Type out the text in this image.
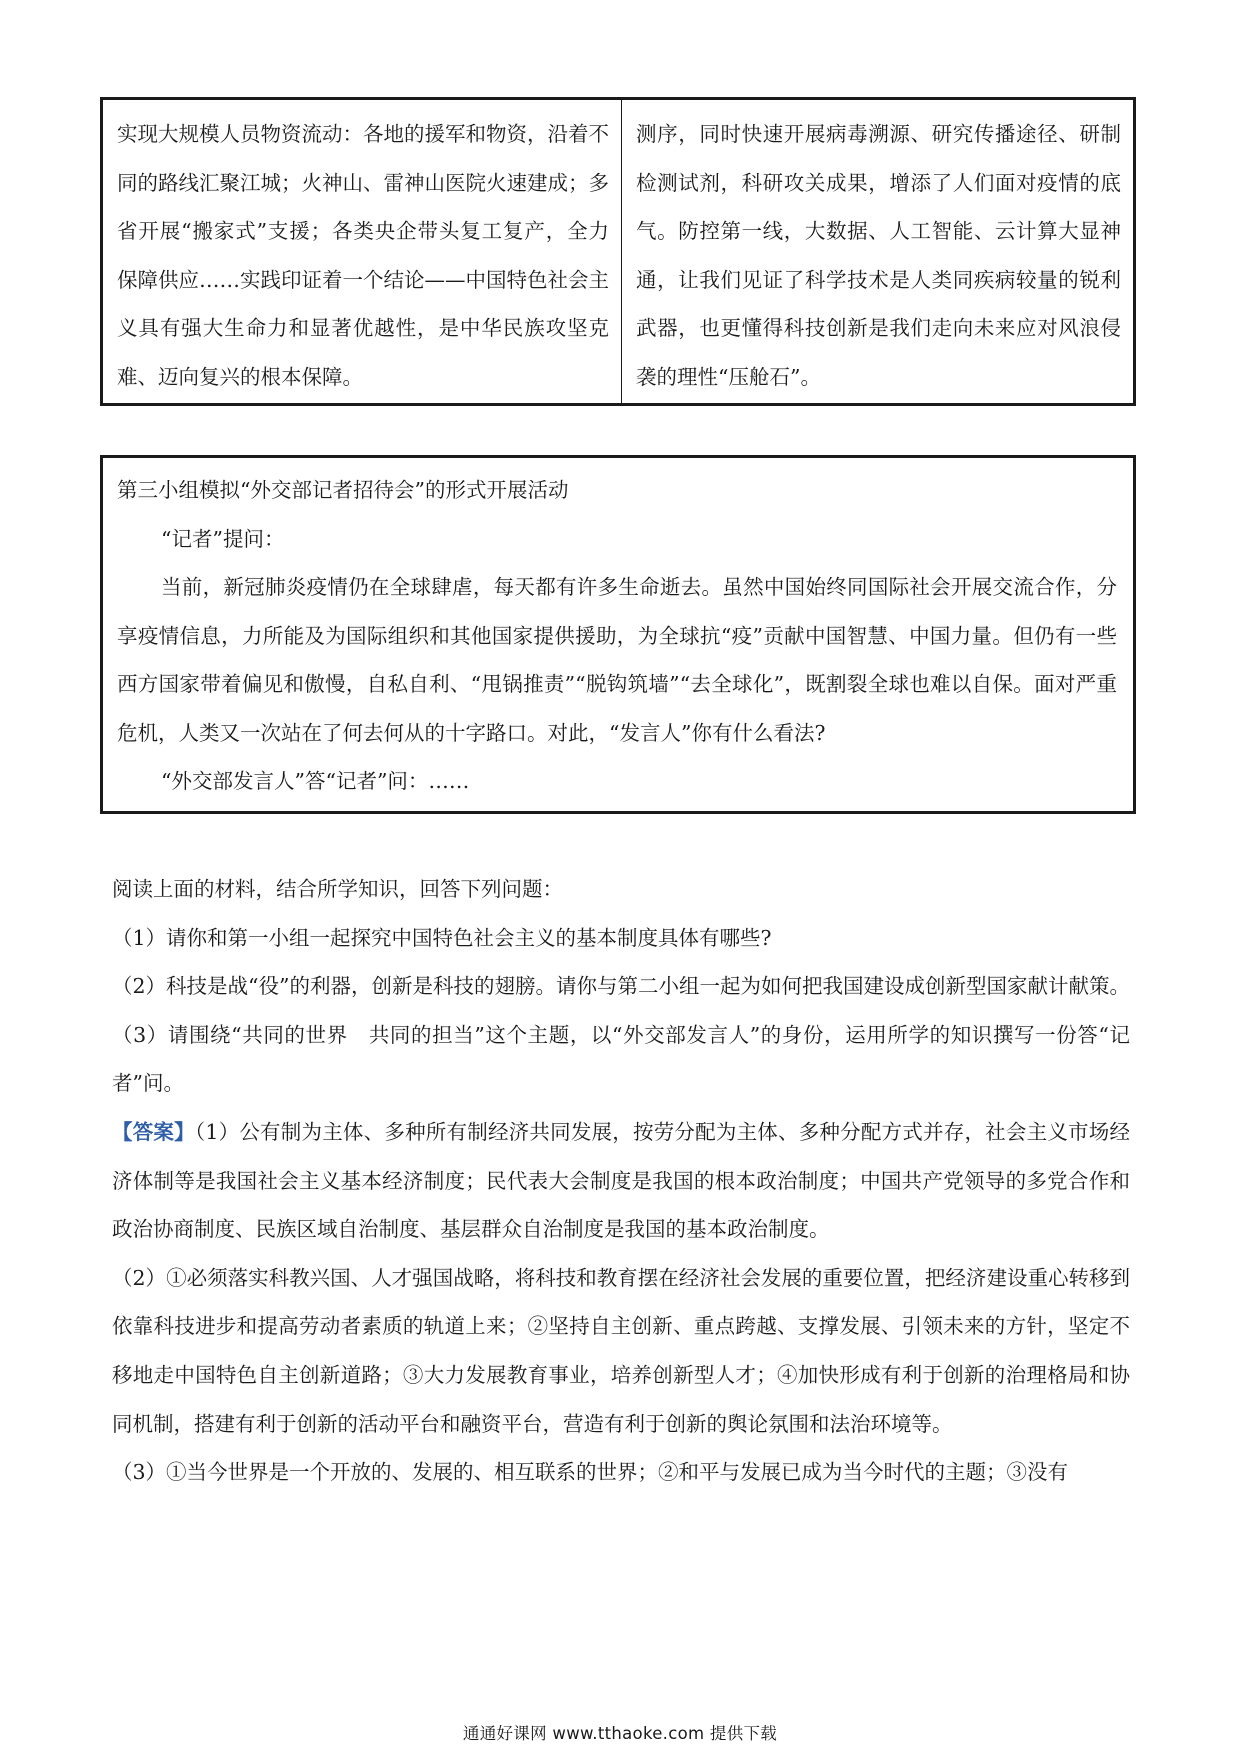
实现大规模人员物资流动：各地的援军和物资，沿着不同的路线汇聚江城；火神山、雷神山医院火速建成；多省开展“搬家式”支援；各类央企带头复工复产，全力保障供应……实践印证着一个结论——中国特色社会主义具有强大生命力和显著优越性，是中华民族攻坚克难、迈向复兴的根本保障。
测序，同时快速开展病毒溯源、研究传播途径、研制检测试剂，科研攻关成果，增添了人们面对疫情的底气。防控第一线，大数据、人工智能、云计算大显神通，让我们见证了科学技术是人类同疾病较量的锐利武器，也更懂得科技创新是我们走向未来应对风浪侵袭的理性“压舱石”。

第三小组模拟“外交部记者招待会”的形式开展活动

“记者”提问：

当前，新冠肺炎疫情仍在全球肆虐，每天都有许多生命逝去。虽然中国始终同国际社会开展交流合作，分享疫情信息，力所能及为国际组织和其他国家提供援助，为全球抗“疫”贡献中国智慧、中国力量。但仍有一些西方国家带着偏见和傲慢，自私自利、“甩锅推责”“脱钩筑墙”“去全球化”，既割裂全球也难以自保。面对严重危机，人类又一次站在了何去何从的十字路口。对此，“发言人”你有什么看法?

“外交部发言人”答“记者”问：……

阅读上面的材料，结合所学知识，回答下列问题：

（1）请你和第一小组一起探究中国特色社会主义的基本制度具体有哪些?

（2）科技是战“役”的利器，创新是科技的翅膀。请你与第二小组一起为如何把我国建设成创新型国家献计献策。

（3）请围绕“共同的世界　共同的担当”这个主题，以“外交部发言人”的身份，运用所学的知识撰写一份答“记者”问。

【答案】（1）公有制为主体、多种所有制经济共同发展，按劳分配为主体、多种分配方式并存，社会主义市场经济体制等是我国社会主义基本经济制度；民代表大会制度是我国的根本政治制度；中国共产党领导的多党合作和政治协商制度、民族区域自治制度、基层群众自治制度是我国的基本政治制度。

（2）①必须落实科教兴国、人才强国战略，将科技和教育摆在经济社会发展的重要位置，把经济建设重心转移到依靠科技进步和提高劳动者素质的轨道上来；②坚持自主创新、重点跨越、支撑发展、引领未来的方针，坚定不移地走中国特色自主创新道路；③大力发展教育事业，培养创新型人才；④加快形成有利于创新的治理格局和协同机制，搭建有利于创新的活动平台和融资平台，营造有利于创新的舆论氛围和法治环境等。

（3）①当今世界是一个开放的、发展的、相互联系的世界；②和平与发展已成为当今时代的主题；③没有

通通好课网 www.tthaoke.com 提供下载
